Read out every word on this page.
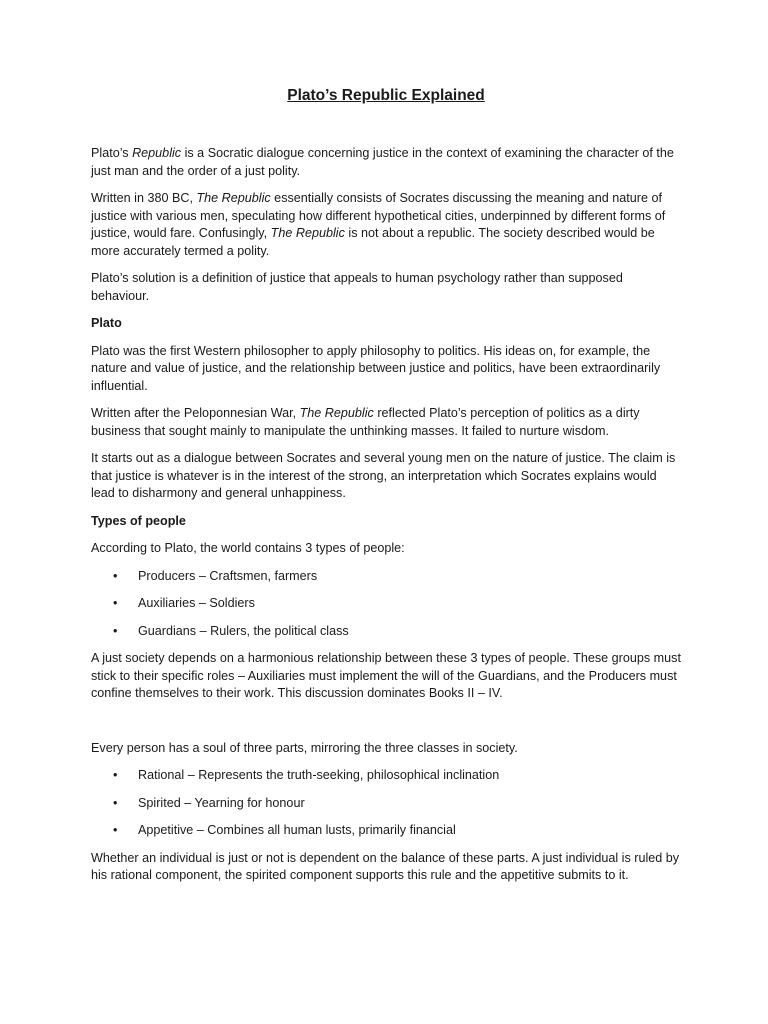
Plato’s Republic Explained

Plato’s Republic is a Socratic dialogue concerning justice in the context of examining the character of the just man and the order of a just polity.

Written in 380 BC, The Republic essentially consists of Socrates discussing the meaning and nature of justice with various men, speculating how different hypothetical cities, underpinned by different forms of justice, would fare. Confusingly, The Republic is not about a republic. The society described would be more accurately termed a polity.

Plato’s solution is a definition of justice that appeals to human psychology rather than supposed behaviour.

Plato

Plato was the first Western philosopher to apply philosophy to politics. His ideas on, for example, the nature and value of justice, and the relationship between justice and politics, have been extraordinarily influential.

Written after the Peloponnesian War, The Republic reflected Plato’s perception of politics as a dirty business that sought mainly to manipulate the unthinking masses. It failed to nurture wisdom.

It starts out as a dialogue between Socrates and several young men on the nature of justice. The claim is that justice is whatever is in the interest of the strong, an interpretation which Socrates explains would lead to disharmony and general unhappiness.

Types of people

According to Plato, the world contains 3 types of people:

• Producers – Craftsmen, farmers
• Auxiliaries – Soldiers
• Guardians – Rulers, the political class

A just society depends on a harmonious relationship between these 3 types of people. These groups must stick to their specific roles – Auxiliaries must implement the will of the Guardians, and the Producers must confine themselves to their work. This discussion dominates Books II – IV.

Every person has a soul of three parts, mirroring the three classes in society.

• Rational – Represents the truth-seeking, philosophical inclination
• Spirited – Yearning for honour
• Appetitive – Combines all human lusts, primarily financial

Whether an individual is just or not is dependent on the balance of these parts. A just individual is ruled by his rational component, the spirited component supports this rule and the appetitive submits to it.
